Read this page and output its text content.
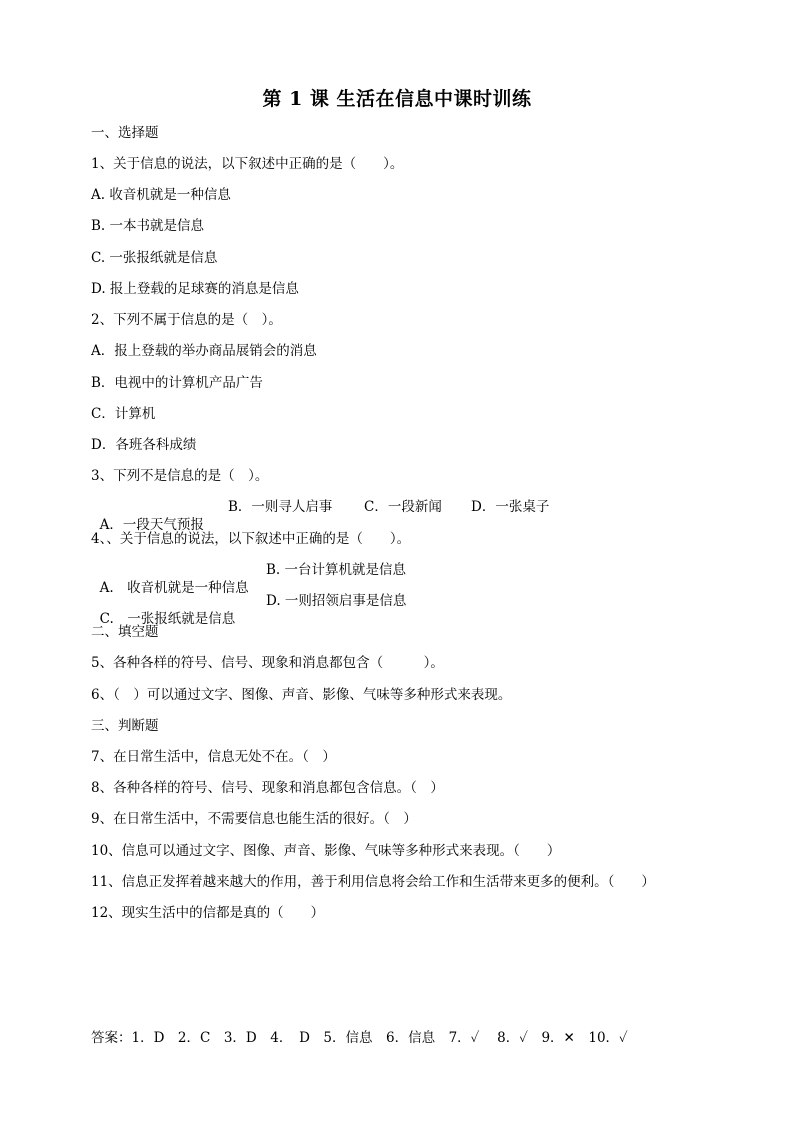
第 1 课 生活在信息中课时训练

一、选择题

1、关于信息的说法，以下叙述中正确的是（　　）。

A. 收音机就是一种信息

B. 一本书就是信息

C. 一张报纸就是信息

D. 报上登载的足球赛的消息是信息

2、下列不属于信息的是（　）。

A．报上登载的举办商品展销会的消息

B．电视中的计算机产品广告

C．计算机

D．各班各科成绩

3、下列不是信息的是（　）。

A．一段天气预报

B．一则寻人启事

C．一段新闻

D．一张桌子

4、、关于信息的说法，以下叙述中正确的是（　　）。

A.　收音机就是一种信息

B. 一台计算机就是信息

C.　一张报纸就是信息

D. 一则招领启事是信息

二、填空题

5、各种各样的符号、信号、现象和消息都包含（　　　）。

6、（　）可以通过文字、图像、声音、影像、气味等多种形式来表现。

三、判断题

7、在日常生活中，信息无处不在。（　）

8、各种各样的符号、信号、现象和消息都包含信息。（　）

9、在日常生活中，不需要信息也能生活的很好。（　）

10、信息可以通过文字、图像、声音、影像、气味等多种形式来表现。（　　）

11、信息正发挥着越来越大的作用，善于利用信息将会给工作和生活带来更多的便利。（　　）

12、现实生活中的信都是真的（　　）

答案：1．D　2．C　3．D　4．　D　5．信息　6．信息　7．✓　 8．✓　9．✕　10．✓
